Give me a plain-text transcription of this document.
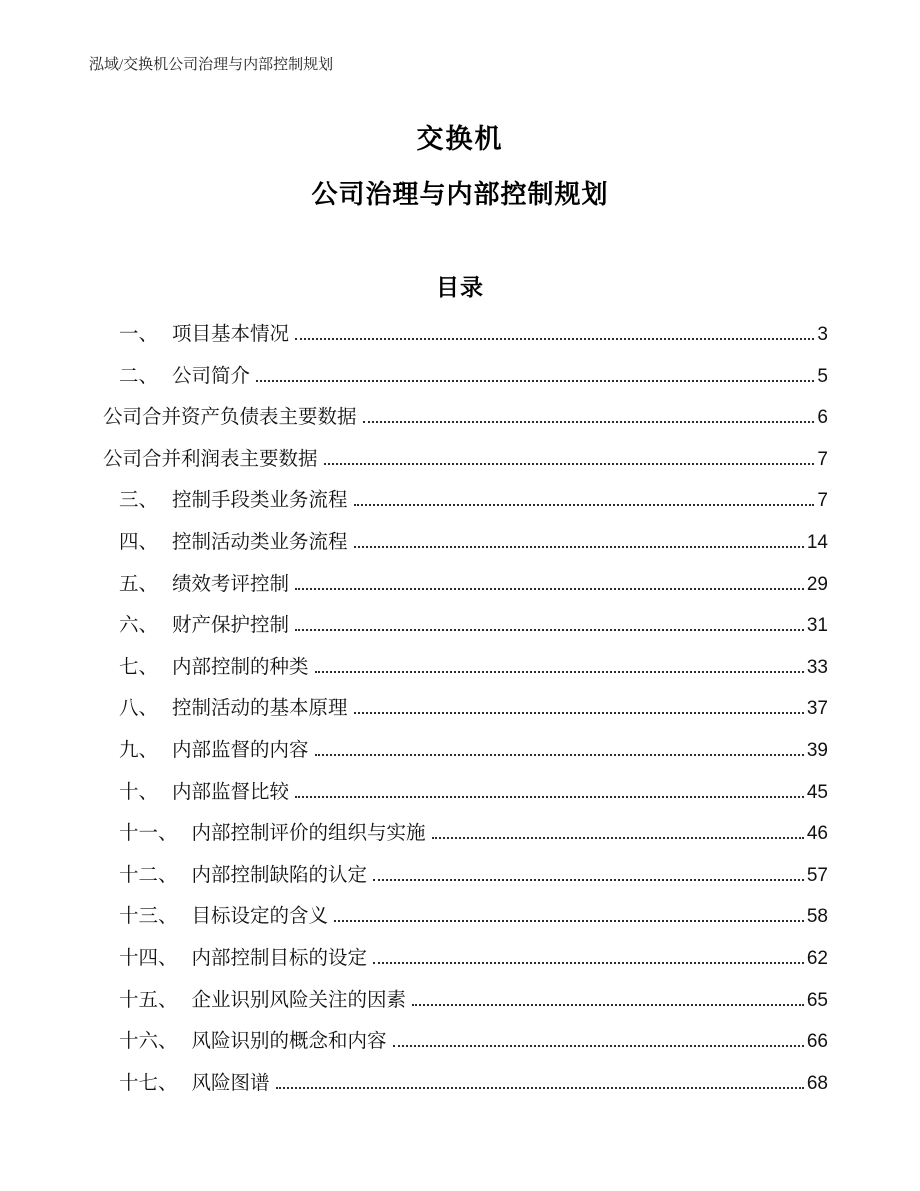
泓域/交换机公司治理与内部控制规划
交换机
公司治理与内部控制规划
目录
一、 项目基本情况	3
二、 公司简介	5
公司合并资产负债表主要数据	6
公司合并利润表主要数据	7
三、 控制手段类业务流程	7
四、 控制活动类业务流程	14
五、 绩效考评控制	29
六、 财产保护控制	31
七、 内部控制的种类	33
八、 控制活动的基本原理	37
九、 内部监督的内容	39
十、 内部监督比较	45
十一、 内部控制评价的组织与实施	46
十二、 内部控制缺陷的认定	57
十三、 目标设定的含义	58
十四、 内部控制目标的设定	62
十五、 企业识别风险关注的因素	65
十六、 风险识别的概念和内容	66
十七、 风险图谱	68
